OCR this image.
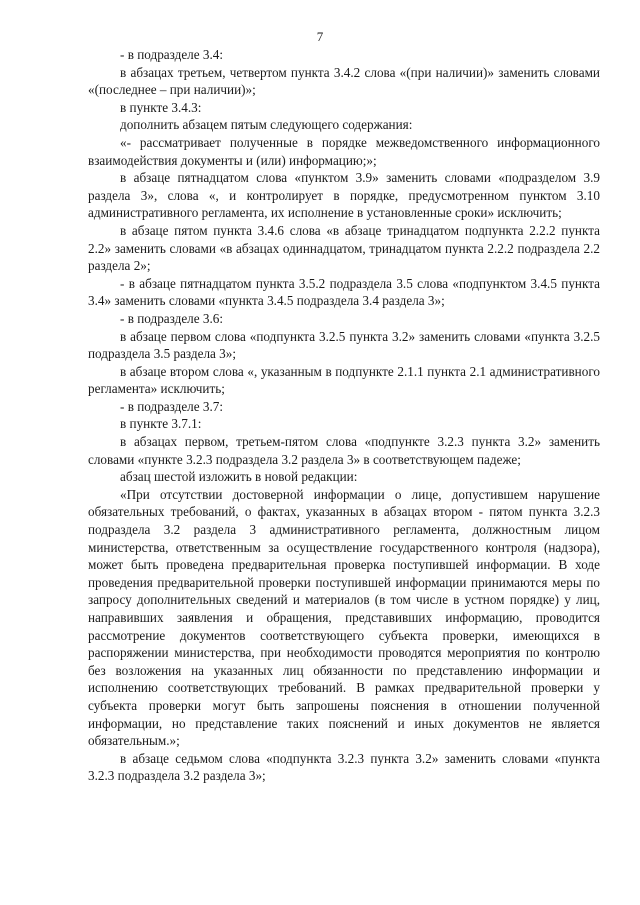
7

- в подразделе 3.4:

в абзацах третьем, четвертом пункта 3.4.2 слова «(при наличии)» заменить словами «(последнее – при наличии)»;

в пункте 3.4.3:

дополнить абзацем пятым следующего содержания:

«- рассматривает полученные в порядке межведомственного информационного взаимодействия документы и (или) информацию;»;

в абзаце пятнадцатом слова «пунктом 3.9» заменить словами «подразделом 3.9 раздела 3», слова «, и контролирует в порядке, предусмотренном пунктом 3.10 административного регламента, их исполнение в установленные сроки» исключить;

в абзаце пятом пункта 3.4.6 слова «в абзаце тринадцатом подпункта 2.2.2 пункта 2.2» заменить словами «в абзацах одиннадцатом, тринадцатом пункта 2.2.2 подраздела 2.2 раздела 2»;

- в абзаце пятнадцатом пункта 3.5.2 подраздела 3.5 слова «подпунктом 3.4.5 пункта 3.4» заменить словами «пункта 3.4.5 подраздела 3.4 раздела 3»;

- в подразделе 3.6:

в абзаце первом слова «подпункта 3.2.5 пункта 3.2» заменить словами «пункта 3.2.5 подраздела 3.5 раздела 3»;

в абзаце втором слова «, указанным в подпункте 2.1.1 пункта 2.1 административного регламента» исключить;

- в подразделе 3.7:

в пункте 3.7.1:

в абзацах первом, третьем-пятом слова «подпункте 3.2.3 пункта 3.2» заменить словами «пункте 3.2.3 подраздела 3.2 раздела 3» в соответствующем падеже;

абзац шестой изложить в новой редакции:

«При отсутствии достоверной информации о лице, допустившем нарушение обязательных требований, о фактах, указанных в абзацах втором - пятом пункта 3.2.3 подраздела 3.2 раздела 3 административного регламента, должностным лицом министерства, ответственным за осуществление государственного контроля (надзора), может быть проведена предварительная проверка поступившей информации. В ходе проведения предварительной проверки поступившей информации принимаются меры по запросу дополнительных сведений и материалов (в том числе в устном порядке) у лиц, направивших заявления и обращения, представивших информацию, проводится рассмотрение документов соответствующего субъекта проверки, имеющихся в распоряжении министерства, при необходимости проводятся мероприятия по контролю без возложения на указанных лиц обязанности по представлению информации и исполнению соответствующих требований. В рамках предварительной проверки у субъекта проверки могут быть запрошены пояснения в отношении полученной информации, но представление таких пояснений и иных документов не является обязательным.»;

в абзаце седьмом слова «подпункта 3.2.3 пункта 3.2» заменить словами «пункта 3.2.3 подраздела 3.2 раздела 3»;
